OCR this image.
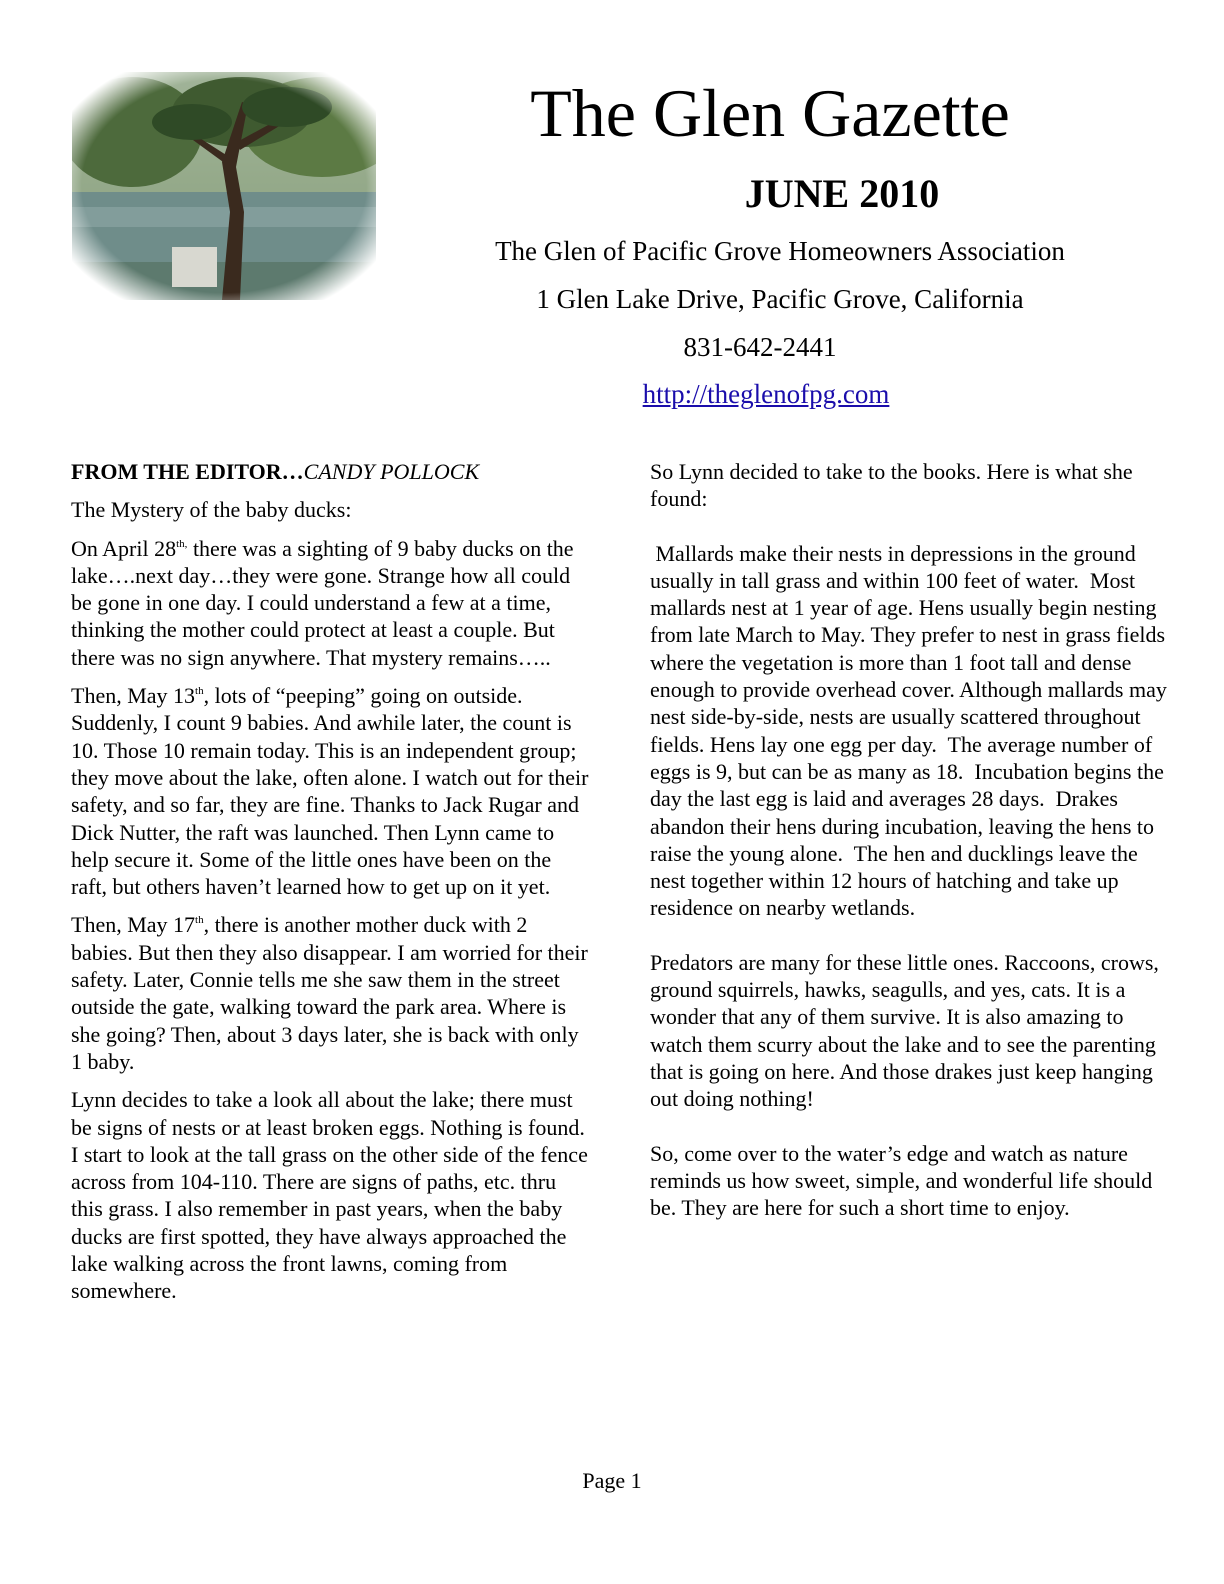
The Glen Gazette
JUNE 2010
The Glen of Pacific Grove Homeowners Association
1 Glen Lake Drive, Pacific Grove, California
831-642-2441
http://theglenofpg.com

FROM THE EDITOR…CANDY POLLOCK

The Mystery of the baby ducks:

On April $28^{th,}$ there was a sighting of 9 baby ducks on the lake….next day…they were gone. Strange how all could be gone in one day. I could understand a few at a time, thinking the mother could protect at least a couple. But there was no sign anywhere. That mystery remains…..

Then, May 13th, lots of “peeping” going on outside. Suddenly, I count 9 babies. And awhile later, the count is 10. Those 10 remain today. This is an independent group; they move about the lake, often alone. I watch out for their safety, and so far, they are fine. Thanks to Jack Rugar and Dick Nutter, the raft was launched. Then Lynn came to help secure it. Some of the little ones have been on the raft, but others haven’t learned how to get up on it yet.

Then, May 17th, there is another mother duck with 2 babies. But then they also disappear. I am worried for their safety. Later, Connie tells me she saw them in the street outside the gate, walking toward the park area. Where is she going? Then, about 3 days later, she is back with only 1 baby.

Lynn decides to take a look all about the lake; there must be signs of nests or at least broken eggs. Nothing is found. I start to look at the tall grass on the other side of the fence across from 104-110. There are signs of paths, etc. thru this grass. I also remember in past years, when the baby ducks are first spotted, they have always approached the lake walking across the front lawns, coming from somewhere.

So Lynn decided to take to the books. Here is what she found:

Mallards make their nests in depressions in the ground usually in tall grass and within 100 feet of water.  Most mallards nest at 1 year of age. Hens usually begin nesting from late March to May. They prefer to nest in grass fields where the vegetation is more than 1 foot tall and dense enough to provide overhead cover. Although mallards may nest side-by-side, nests are usually scattered throughout fields. Hens lay one egg per day.  The average number of eggs is 9, but can be as many as 18.  Incubation begins the day the last egg is laid and averages 28 days.  Drakes abandon their hens during incubation, leaving the hens to raise the young alone.  The hen and ducklings leave the nest together within 12 hours of hatching and take up residence on nearby wetlands.

Predators are many for these little ones. Raccoons, crows, ground squirrels, hawks, seagulls, and yes, cats. It is a wonder that any of them survive. It is also amazing to watch them scurry about the lake and to see the parenting that is going on here. And those drakes just keep hanging out doing nothing!

So, come over to the water’s edge and watch as nature reminds us how sweet, simple, and wonderful life should be. They are here for such a short time to enjoy.

Page 1
